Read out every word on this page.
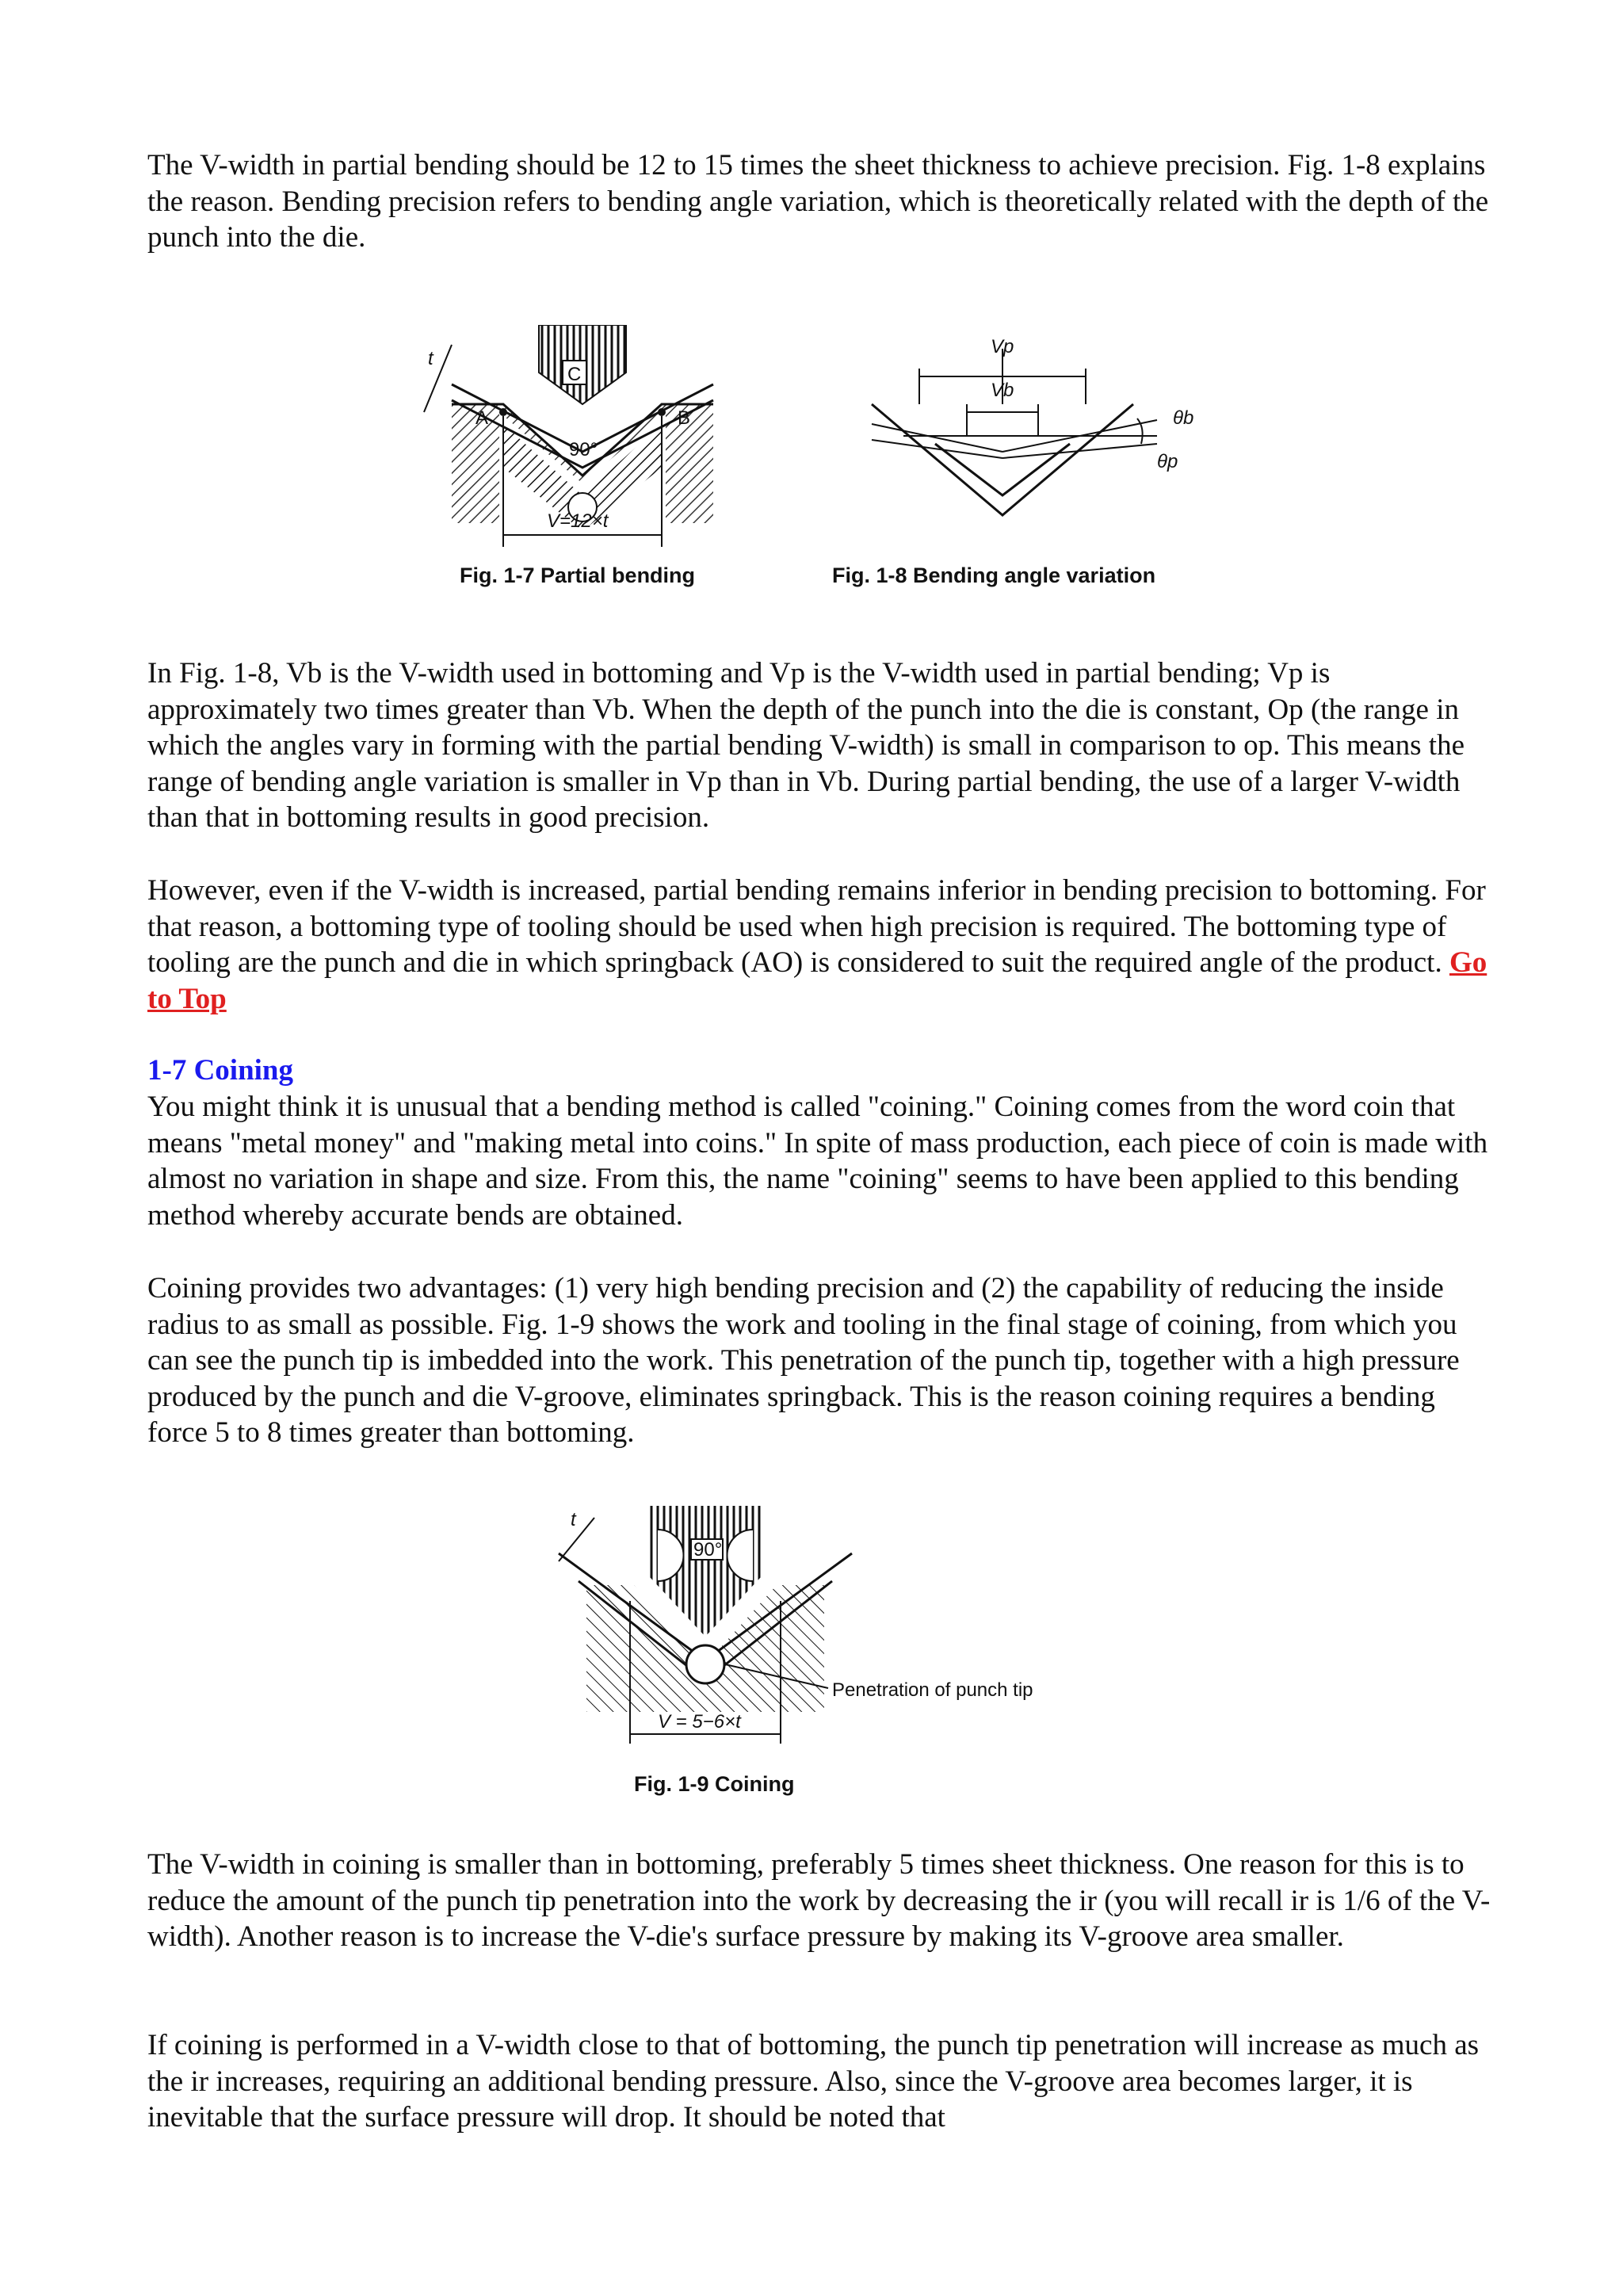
The V-width in partial bending should be 12 to 15 times the sheet thickness to achieve precision. Fig. 1-8 explains the reason. Bending precision refers to bending angle variation, which is theoretically related with the depth of the punch into the die.

C
t
A	B
90°
V=12×t
Fig. 1-7 Partial bending
Vp
Vb
θb
θp
Fig. 1-8 Bending angle variation

In Fig. 1-8, Vb is the V-width used in bottoming and Vp is the V-width used in partial bending; Vp is approximately two times greater than Vb. When the depth of the punch into the die is constant, Op (the range in which the angles vary in forming with the partial bending V-width) is small in comparison to op. This means the range of bending angle variation is smaller in Vp than in Vb. During partial bending, the use of a larger V-width than that in bottoming results in good precision.

However, even if the V-width is increased, partial bending remains inferior in bending precision to bottoming. For that reason, a bottoming type of tooling should be used when high precision is required. The bottoming type of tooling are the punch and die in which springback (AO) is considered to suit the required angle of the product. Go to Top

1-7 Coining

You might think it is unusual that a bending method is called "coining." Coining comes from the word coin that means "metal money" and "making metal into coins." In spite of mass production, each piece of coin is made with almost no variation in shape and size. From this, the name "coining" seems to have been applied to this bending method whereby accurate bends are obtained.

Coining provides two advantages: (1) very high bending precision and (2) the capability of reducing the inside radius to as small as possible. Fig. 1-9 shows the work and tooling in the final stage of coining, from which you can see the punch tip is imbedded into the work. This penetration of the punch tip, together with a high pressure produced by the punch and die V-groove, eliminates springback. This is the reason coining requires a bending force 5 to 8 times greater than bottoming.

90°
t
Penetration of punch tip
V = 5−6×t
Fig. 1-9 Coining

The V-width in coining is smaller than in bottoming, preferably 5 times sheet thickness. One reason for this is to reduce the amount of the punch tip penetration into the work by decreasing the ir (you will recall ir is 1/6 of the V-width). Another reason is to increase the V-die's surface pressure by making its V-groove area smaller.

If coining is performed in a V-width close to that of bottoming, the punch tip penetration will increase as much as the ir increases, requiring an additional bending pressure. Also, since the V-groove area becomes larger, it is inevitable that the surface pressure will drop. It should be noted that
